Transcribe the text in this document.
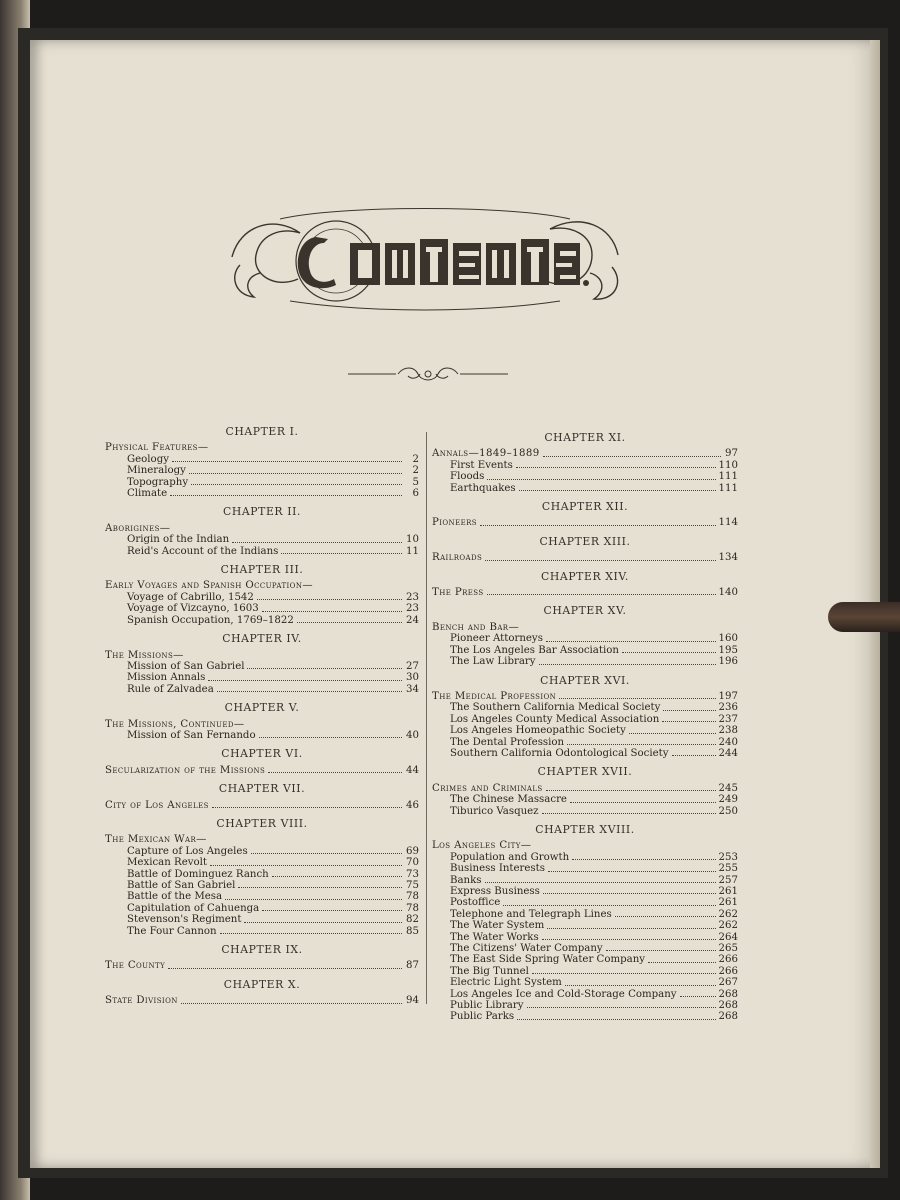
CHAPTER I.
Physical Features—
Geology	2
Mineralogy	2
Topography	5
Climate	6
CHAPTER II.
Aborigines—
Origin of the Indian	10
Reid's Account of the Indians	11
CHAPTER III.
Early Voyages and Spanish Occupation—
Voyage of Cabrillo, 1542	23
Voyage of Vizcayno, 1603	23
Spanish Occupation, 1769–1822	24
CHAPTER IV.
The Missions—
Mission of San Gabriel	27
Mission Annals	30
Rule of Zalvadea	34
CHAPTER V.
The Missions, Continued—
Mission of San Fernando	40
CHAPTER VI.
Secularization of the Missions	44
CHAPTER VII.
City of Los Angeles	46
CHAPTER VIII.
The Mexican War—
Capture of Los Angeles	69
Mexican Revolt	70
Battle of Dominguez Ranch	73
Battle of San Gabriel	75
Battle of the Mesa	78
Capitulation of Cahuenga	78
Stevenson's Regiment	82
The Four Cannon	85
CHAPTER IX.
The County	87
CHAPTER X.
State Division	94
CHAPTER XI.
Annals—1849–1889	97
First Events	110
Floods	111
Earthquakes	111
CHAPTER XII.
Pioneers	114
CHAPTER XIII.
Railroads	134
CHAPTER XIV.
The Press	140
CHAPTER XV.
Bench and Bar—
Pioneer Attorneys	160
The Los Angeles Bar Association	195
The Law Library	196
CHAPTER XVI.
The Medical Profession	197
The Southern California Medical Society	236
Los Angeles County Medical Association	237
Los Angeles Homeopathic Society	238
The Dental Profession	240
Southern California Odontological Society	244
CHAPTER XVII.
Crimes and Criminals	245
The Chinese Massacre	249
Tiburico Vasquez	250
CHAPTER XVIII.
Los Angeles City—
Population and Growth	253
Business Interests	255
Banks	257
Express Business	261
Postoffice	261
Telephone and Telegraph Lines	262
The Water System	262
The Water Works	264
The Citizens' Water Company	265
The East Side Spring Water Company	266
The Big Tunnel	266
Electric Light System	267
Los Angeles Ice and Cold-Storage Company	268
Public Library	268
Public Parks	268
